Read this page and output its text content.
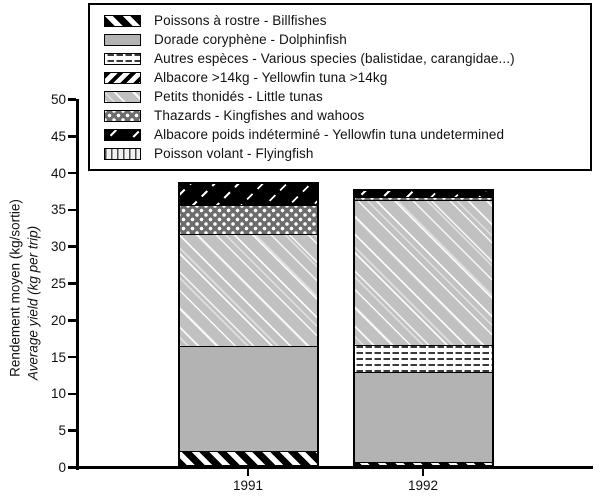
Poissons à rostre - Billfishes
Dorade coryphène - Dolphinfish
Autres espèces - Various species (balistidae, carangidae...)
Albacore >14kg - Yellowfin tuna >14kg
Petits thonidés - Little tunas
Thazards - Kingfishes and wahoos
Albacore poids indéterminé - Yellowfin tuna undetermined
Poisson volant - Flyingfish
Rendement moyen (kg/sortie) Average yield (kg per trip)
0
5
10
15
20
25
30
35
40
45
50
1991	1992
